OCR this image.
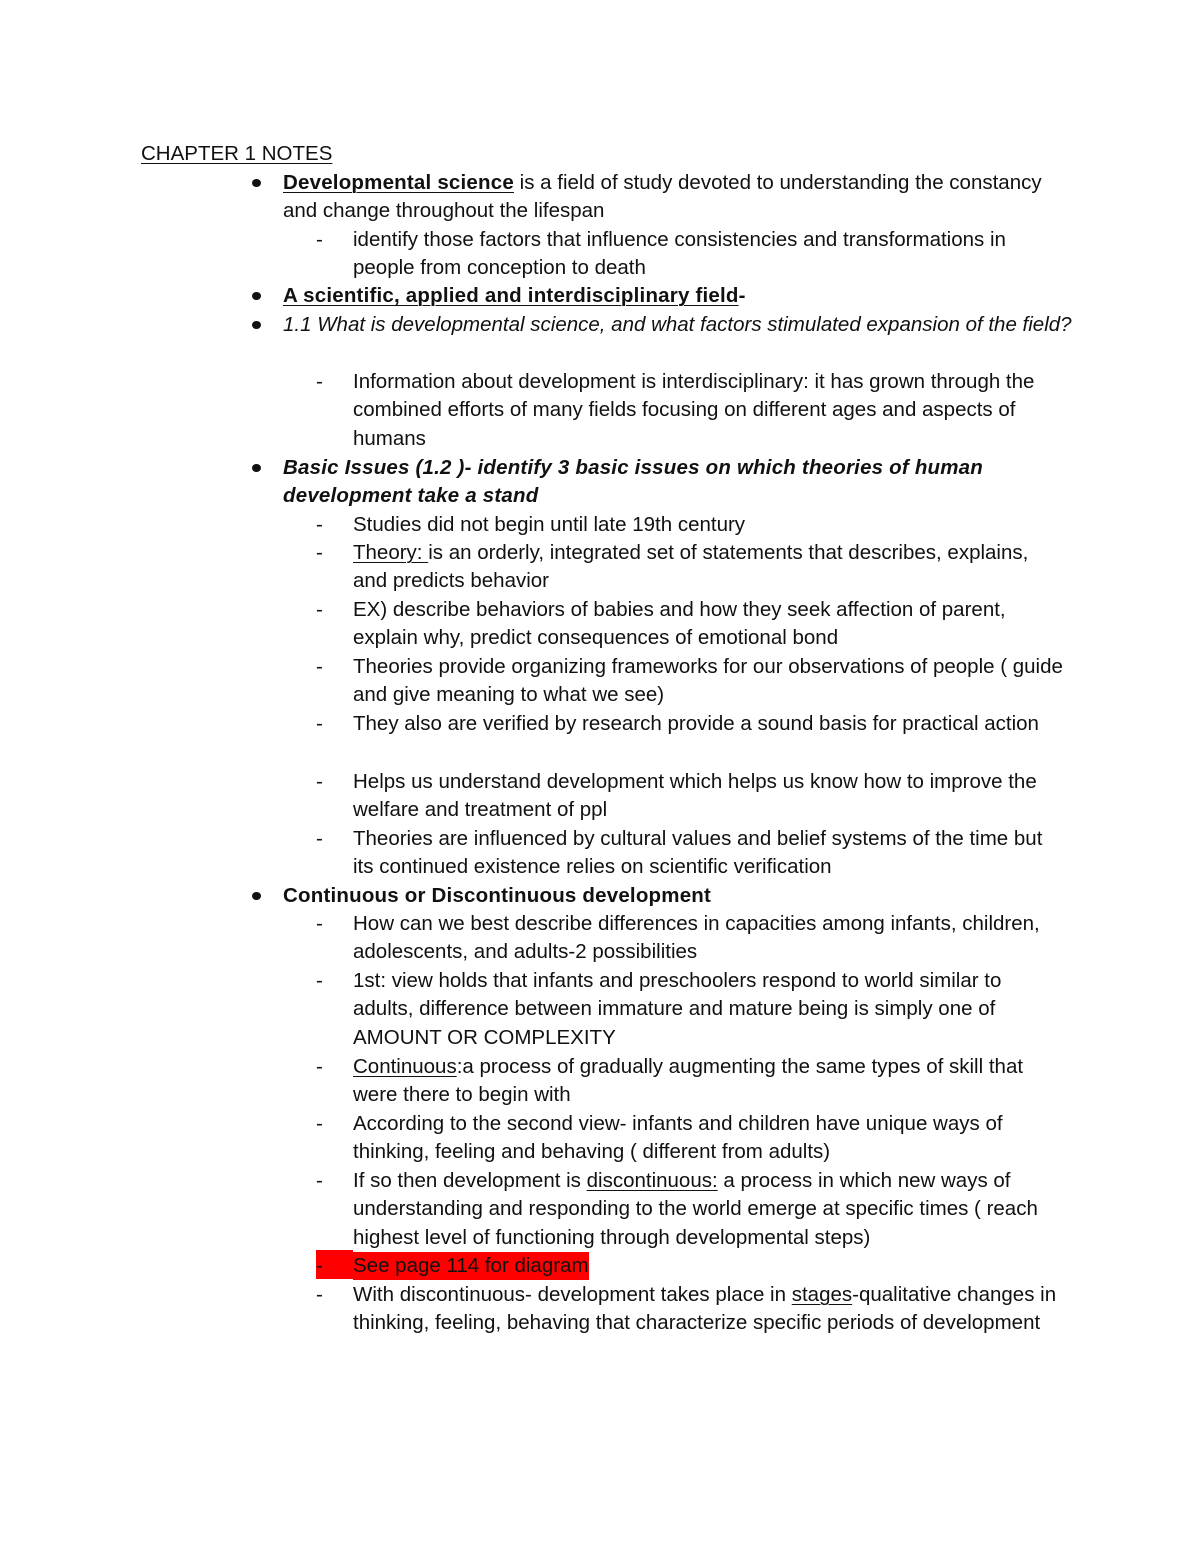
CHAPTER 1 NOTES
Developmental science is a field of study devoted to understanding the constancy and change throughout the lifespan
- identify those factors that influence consistencies and transformations in people from conception to death
A scientific, applied and interdisciplinary field-
1.1 What is developmental science, and what factors stimulated expansion of the field?
- Information about development is interdisciplinary: it has grown through the combined efforts of many fields focusing on different ages and aspects of humans
Basic Issues (1.2 )- identify 3 basic issues on which theories of human development take a stand
- Studies did not begin until late 19th century
- Theory: is an orderly, integrated set of statements that describes, explains, and predicts behavior
- EX) describe behaviors of babies and how they seek affection of parent, explain why, predict consequences of emotional bond
- Theories provide organizing frameworks for our observations of people ( guide and give meaning to what we see)
- They also are verified by research provide a sound basis for practical action
- Helps us understand development which helps us know how to improve the welfare and treatment of ppl
- Theories are influenced by cultural values and belief systems of the time but its continued existence relies on scientific verification
Continuous or Discontinuous development
- How can we best describe differences in capacities among infants, children, adolescents, and adults-2 possibilities
- 1st: view holds that infants and preschoolers respond to world similar to adults, difference between immature and mature being is simply one of AMOUNT OR COMPLEXITY
- Continuous:a process of gradually augmenting the same types of skill that were there to begin with
- According to the second view- infants and children have unique ways of thinking, feeling and behaving ( different from adults)
- If so then development is discontinuous: a process in which new ways of understanding and responding to the world emerge at specific times ( reach highest level of functioning through developmental steps)
- See page 114 for diagram
- With discontinuous- development takes place in stages-qualitative changes in thinking, feeling, behaving that characterize specific periods of development
